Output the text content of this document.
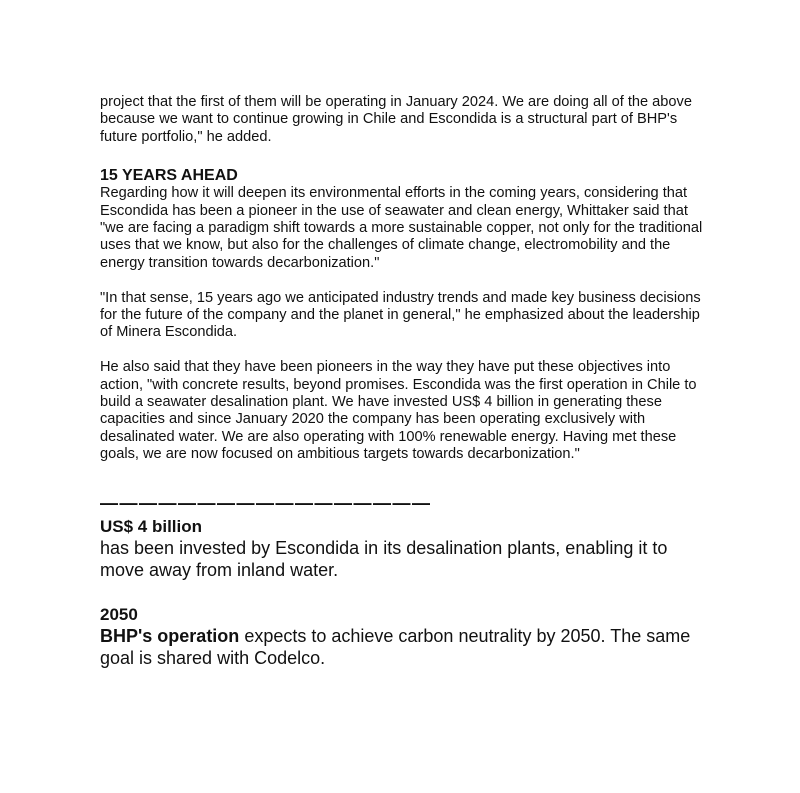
project that the first of them will be operating in January 2024. We are doing all of the above because we want to continue growing in Chile and Escondida is a structural part of BHP's future portfolio," he added.

15 YEARS AHEAD

Regarding how it will deepen its environmental efforts in the coming years, considering that Escondida has been a pioneer in the use of seawater and clean energy, Whittaker said that "we are facing a paradigm shift towards a more sustainable copper, not only for the traditional uses that we know, but also for the challenges of climate change, electromobility and the energy transition towards decarbonization."

"In that sense, 15 years ago we anticipated industry trends and made key business decisions for the future of the company and the planet in general," he emphasized about the leadership of Minera Escondida.

He also said that they have been pioneers in the way they have put these objectives into action, "with concrete results, beyond promises. Escondida was the first operation in Chile to build a seawater desalination plant. We have invested US$ 4 billion in generating these capacities and since January 2020 the company has been operating exclusively with desalinated water. We are also operating with 100% renewable energy. Having met these goals, we are now focused on ambitious targets towards decarbonization."

—————————————————

US$ 4 billion

has been invested by Escondida in its desalination plants, enabling it to move away from inland water.

2050

BHP's operation expects to achieve carbon neutrality by 2050. The same goal is shared with Codelco.
